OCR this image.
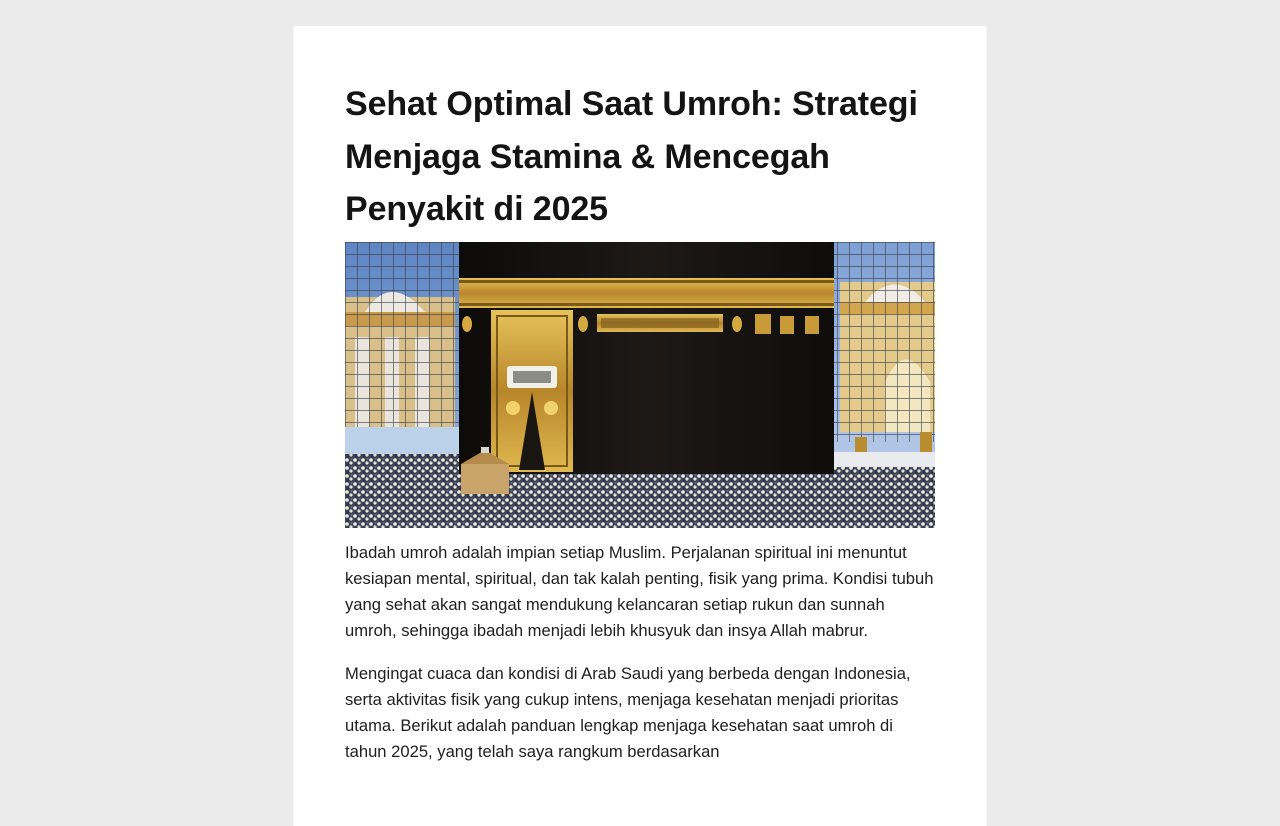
Sehat Optimal Saat Umroh: Strategi Menjaga Stamina & Mencegah Penyakit di 2025

Ibadah umroh adalah impian setiap Muslim. Perjalanan spiritual ini menuntut kesiapan mental, spiritual, dan tak kalah penting, fisik yang prima. Kondisi tubuh yang sehat akan sangat mendukung kelancaran setiap rukun dan sunnah umroh, sehingga ibadah menjadi lebih khusyuk dan insya Allah mabrur.

Mengingat cuaca dan kondisi di Arab Saudi yang berbeda dengan Indonesia, serta aktivitas fisik yang cukup intens, menjaga kesehatan menjadi prioritas utama. Berikut adalah panduan lengkap menjaga kesehatan saat umroh di tahun 2025, yang telah saya rangkum berdasarkan
